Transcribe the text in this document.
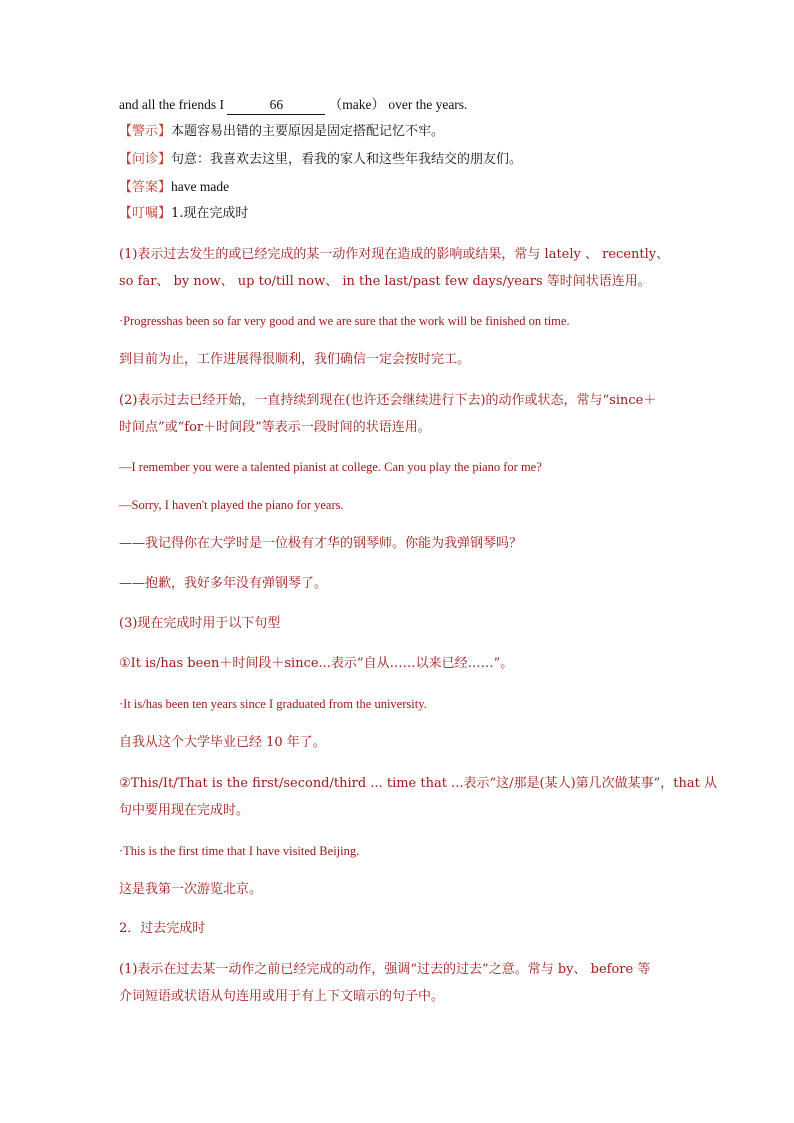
and all the friends I	66	（make） over the years.
【警示】本题容易出错的主要原因是固定搭配记忆不牢。
【问诊】句意：我喜欢去这里，看我的家人和这些年我结交的朋友们。
【答案】have made
【叮嘱】1.现在完成时
(1)表示过去发生的或已经完成的某一动作对现在造成的影响或结果，常与 lately 、 recently、
so far、 by now、 up to/till now、 in the last/past few days/years 等时间状语连用。
·Progresshas been so far very good and we are sure that the work will be finished on time.
到目前为止，工作进展得很顺利，我们确信一定会按时完工。
(2)表示过去已经开始，一直持续到现在(也许还会继续进行下去)的动作或状态，常与“since＋
时间点”或“for＋时间段”等表示一段时间的状语连用。
—I remember you were a talented pianist at college. Can you play the piano for me?
—Sorry, I haven't played the piano for years.
——我记得你在大学时是一位极有才华的钢琴师。你能为我弹钢琴吗？
——抱歉，我好多年没有弹钢琴了。
(3)现在完成时用于以下句型
①It is/has been＋时间段＋since...表示“自从……以来已经……”。
·It is/has been ten years since I graduated from the university.
自我从这个大学毕业已经 10 年了。
②This/It/That is the first/second/third ... time that ...表示“这/那是(某人)第几次做某事”，that 从
句中要用现在完成时。
·This is the first time that I have visited Beijing.
这是我第一次游览北京。
2．过去完成时
(1)表示在过去某一动作之前已经完成的动作，强调“过去的过去”之意。常与 by、 before 等
介词短语或状语从句连用或用于有上下文暗示的句子中。
